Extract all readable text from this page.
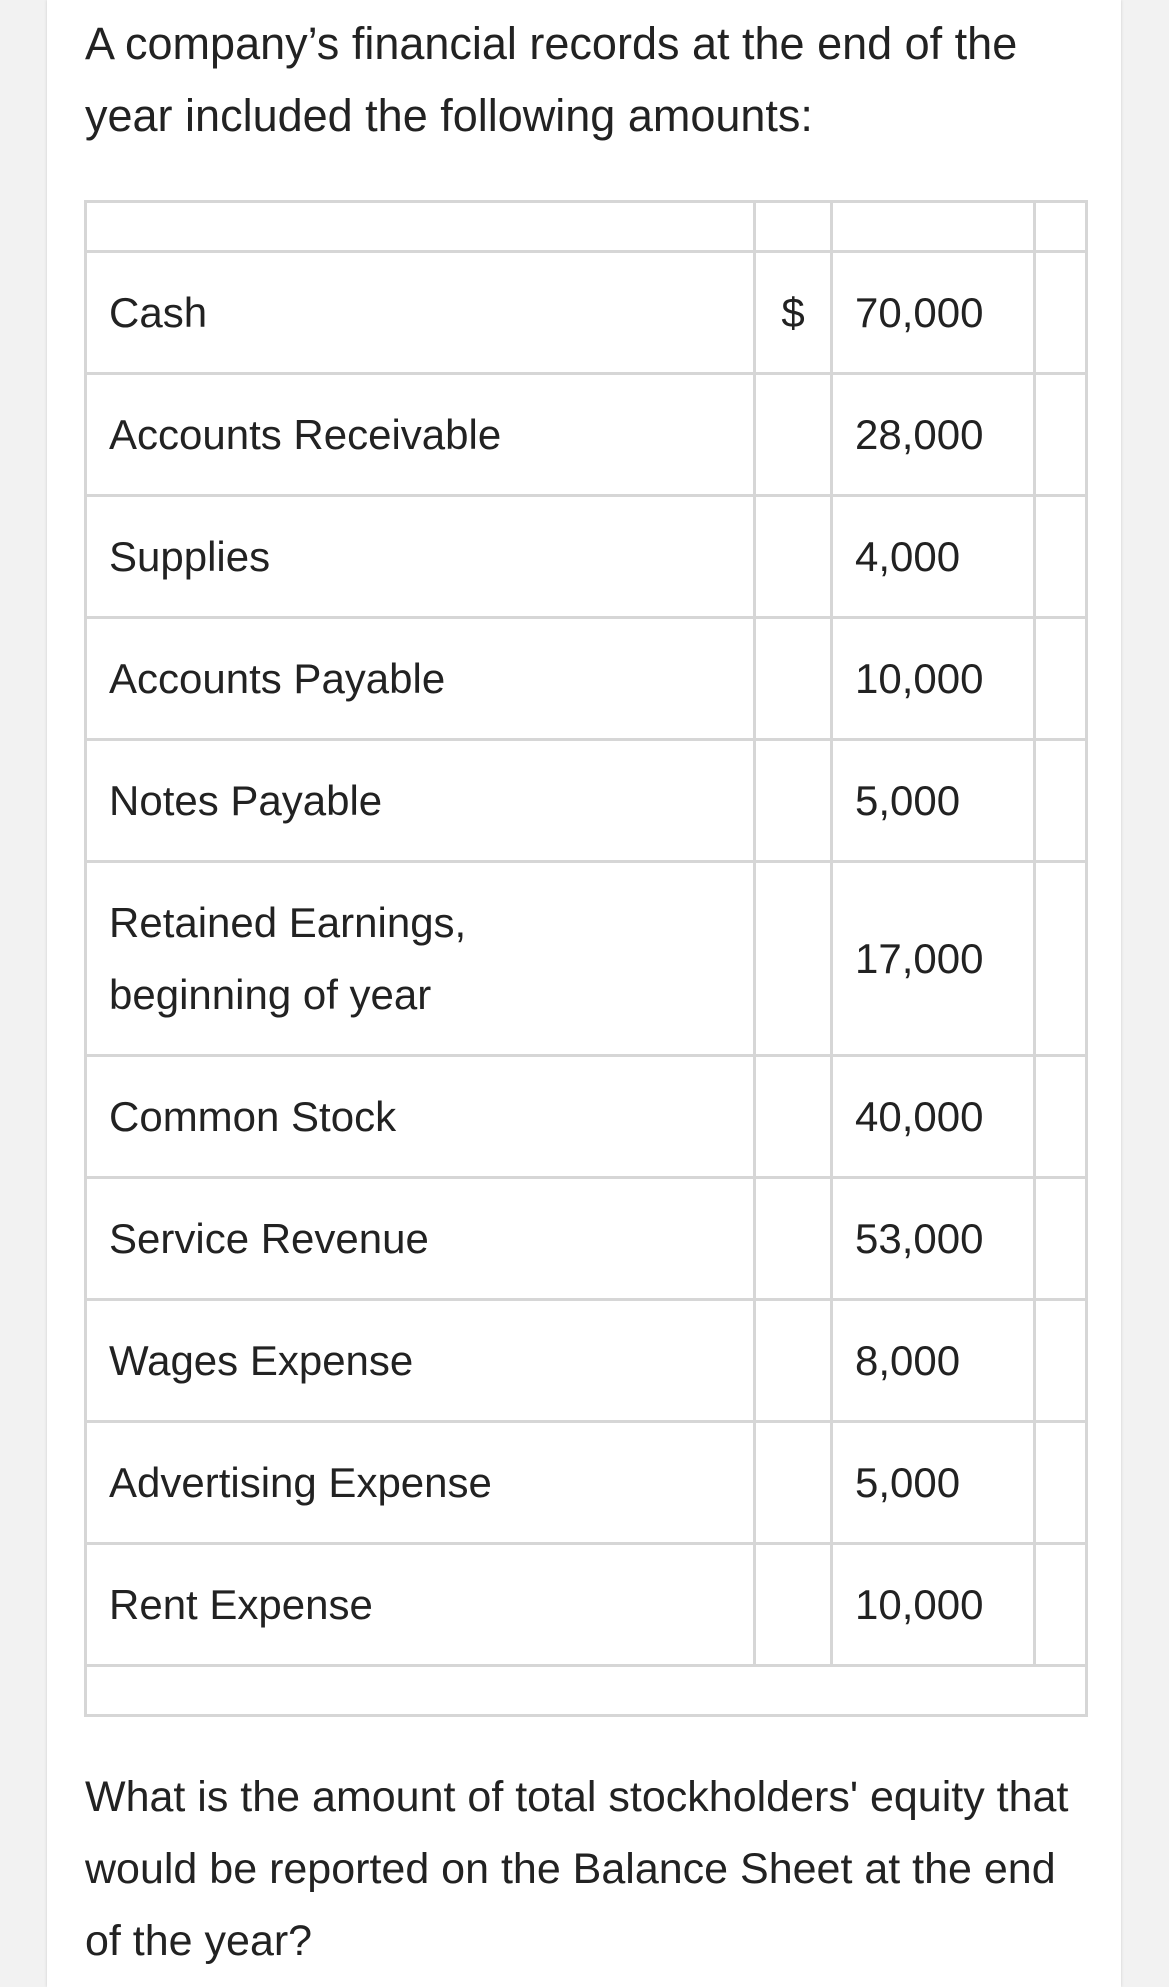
A company’s financial records at the end of the year included the following amounts:

Cash	$	70,000	
Accounts Receivable		28,000	
Supplies		4,000	
Accounts Payable		10,000	
Notes Payable		5,000	
Retained Earnings, beginning of year		17,000	
Common Stock		40,000	
Service Revenue		53,000	
Wages Expense		8,000	
Advertising Expense		5,000	
Rent Expense		10,000	

What is the amount of total stockholders' equity that would be reported on the Balance Sheet at the end of the year?
